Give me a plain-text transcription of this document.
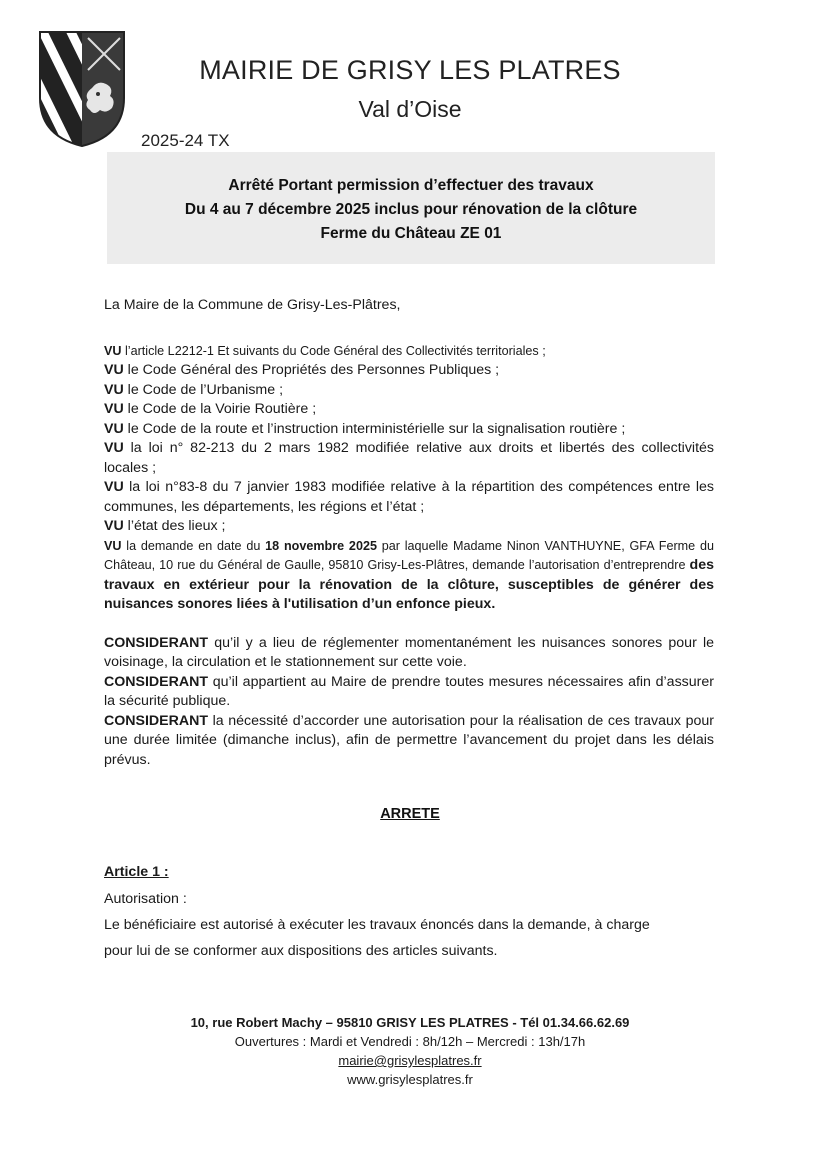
MAIRIE DE GRISY LES PLATRES
Val d’Oise
2025-24 TX
Arrêté Portant permission d’effectuer des travaux
Du 4 au 7 décembre 2025 inclus pour rénovation de la clôture
Ferme du Château ZE 01

La Maire de la Commune de Grisy-Les-Plâtres,

VU l’article L2212-1 Et suivants du Code Général des Collectivités territoriales ;

VU le Code Général des Propriétés des Personnes Publiques ;

VU le Code de l’Urbanisme ;

VU le Code de la Voirie Routière ;

VU le Code de la route et l’instruction interministérielle sur la signalisation routière ;

VU la loi n° 82-213 du 2 mars 1982 modifiée relative aux droits et libertés des collectivités locales ;

VU la loi n°83-8 du 7 janvier 1983 modifiée relative à la répartition des compétences entre les communes, les départements, les régions et l’état ;

VU l’état des lieux ;

VU la demande en date du 18 novembre 2025 par laquelle Madame Ninon VANTHUYNE, GFA Ferme du Château, 10 rue du Général de Gaulle, 95810 Grisy-Les-Plâtres, demande l’autorisation d’entreprendre des travaux en extérieur pour la rénovation de la clôture, susceptibles de générer des nuisances sonores liées à l'utilisation d’un enfonce pieux.

CONSIDERANT qu’il y a lieu de réglementer momentanément les nuisances sonores pour le voisinage, la circulation et le stationnement sur cette voie.

CONSIDERANT qu’il appartient au Maire de prendre toutes mesures nécessaires afin d’assurer la sécurité publique.

CONSIDERANT la nécessité d’accorder une autorisation pour la réalisation de ces travaux pour une durée limitée (dimanche inclus), afin de permettre l’avancement du projet dans les délais prévus.

ARRETE

Article 1 :

Autorisation :

Le bénéficiaire est autorisé à exécuter les travaux énoncés dans la demande, à charge

pour lui de se conformer aux dispositions des articles suivants.

10, rue Robert Machy – 95810 GRISY LES PLATRES - Tél 01.34.66.62.69

Ouvertures : Mardi et Vendredi : 8h/12h – Mercredi : 13h/17h

mairie@grisylesplatres.fr

www.grisylesplatres.fr
